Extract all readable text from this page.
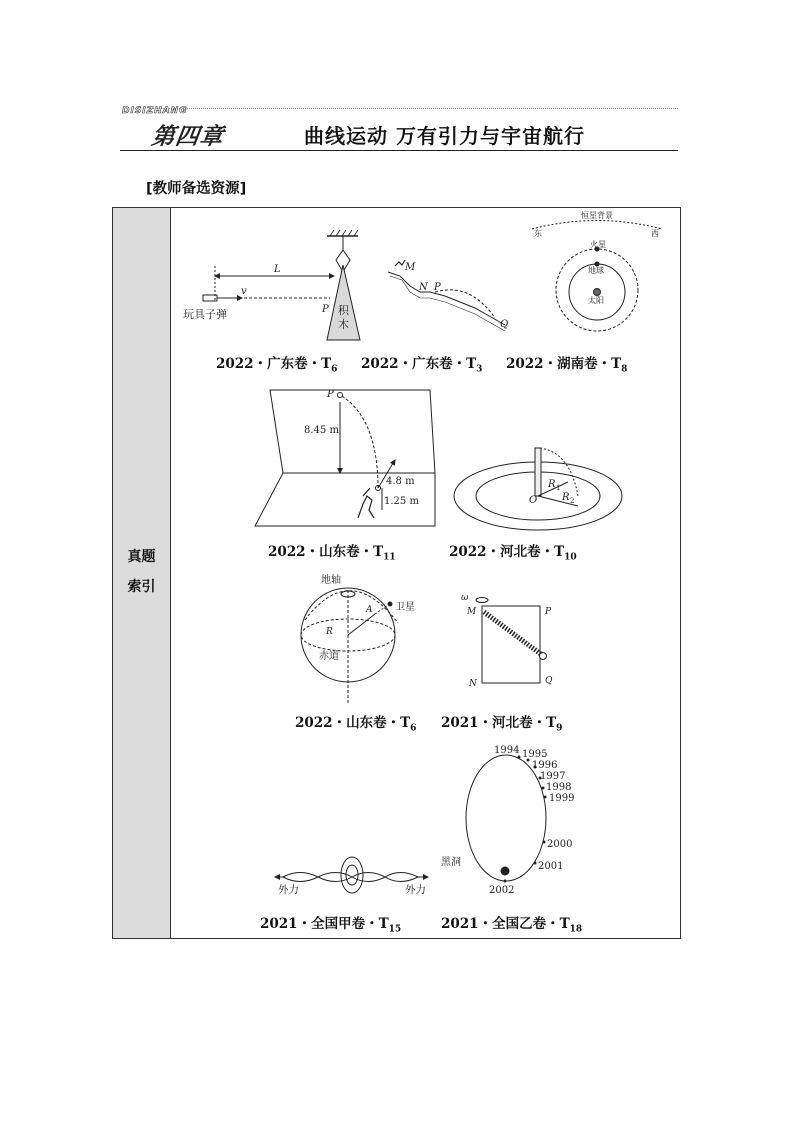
DISIZHANG
第四章	曲线运动 万有引力与宇宙航行
[教师备选资源]
真题
索引
L
v
P
玩具子弹	积
木
M
N P
Q
恒星背景
东	西
火星
地球
太阳
P
8.45 m
4.8 m
1.25 m	O
R 1
R 2
地轴
卫星
A
R
赤道
ω
M	P
N	Q
1994 1995
1996
1997
1998
1999
2000
2001
2002
黑洞
外力	外力
2022・广东卷・$T_6$ 2022・广东卷・$T_3$ 2022・湖南卷・$T_8$
2022・山东卷・$T_{11}$	2022・河北卷・$T_{10}$
2022・山东卷・$T_6$ 2021・河北卷・$T_9$
2021・全国甲卷・$T_{15}$	2021・全国乙卷・$T_{18}$
